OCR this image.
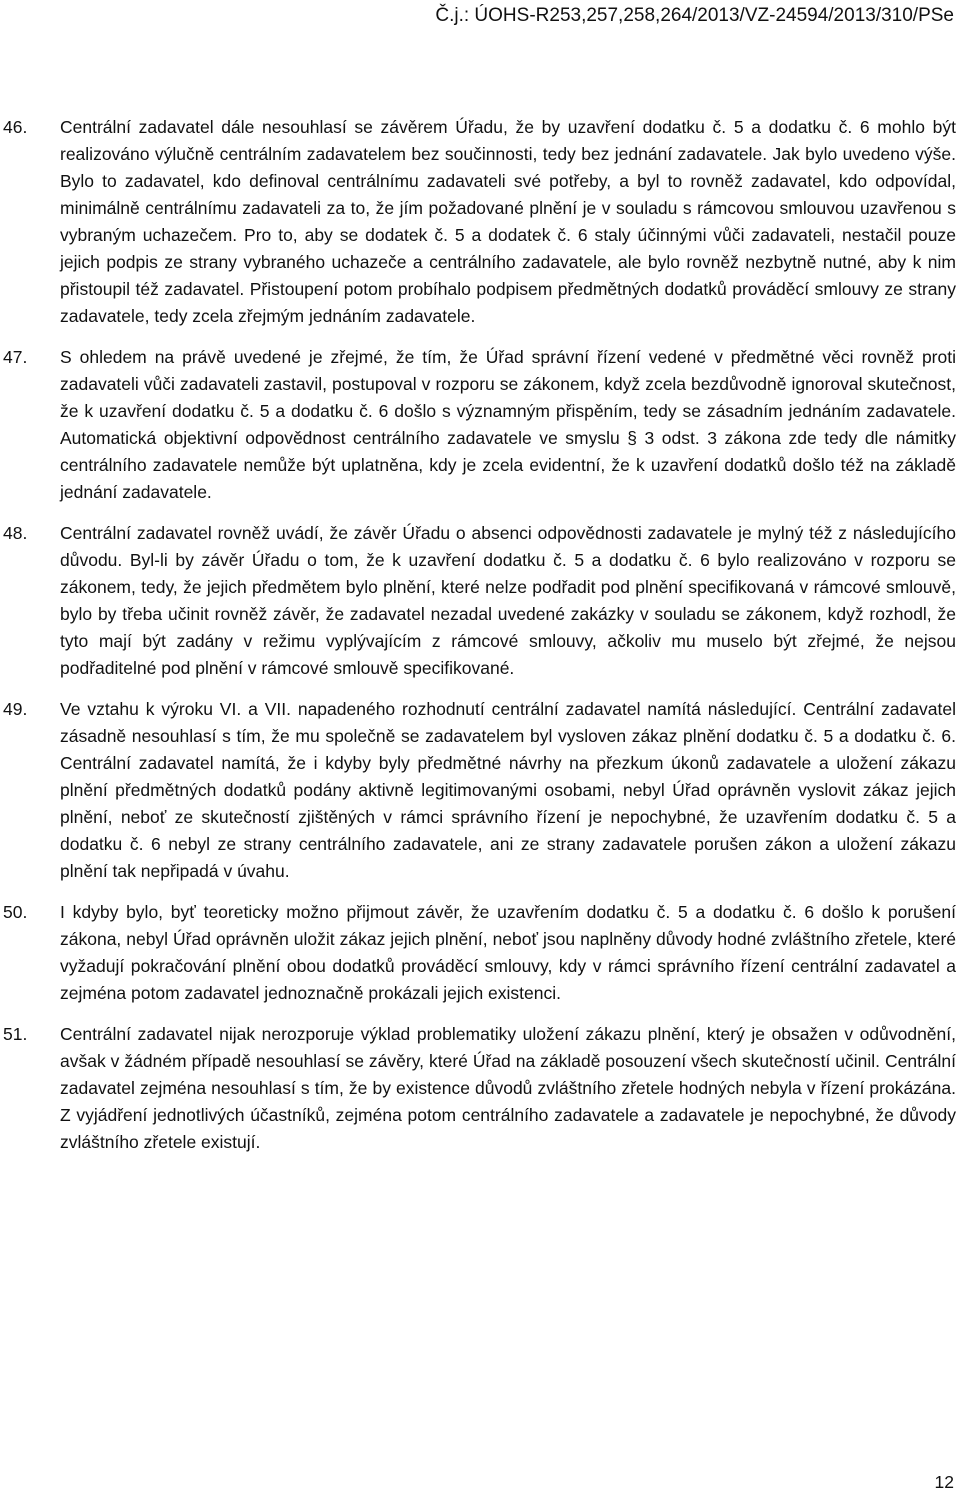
Č.j.: ÚOHS-R253,257,258,264/2013/VZ-24594/2013/310/PSe
46. Centrální zadavatel dále nesouhlasí se závěrem Úřadu, že by uzavření dodatku č. 5 a dodatku č. 6 mohlo být realizováno výlučně centrálním zadavatelem bez součinnosti, tedy bez jednání zadavatele. Jak bylo uvedeno výše. Bylo to zadavatel, kdo definoval centrálnímu zadavateli své potřeby, a byl to rovněž zadavatel, kdo odpovídal, minimálně centrálnímu zadavateli za to, že jím požadované plnění je v souladu s rámcovou smlouvou uzavřenou s vybraným uchazečem. Pro to, aby se dodatek č. 5 a dodatek č. 6 staly účinnými vůči zadavateli, nestačil pouze jejich podpis ze strany vybraného uchazeče a centrálního zadavatele, ale bylo rovněž nezbytně nutné, aby k nim přistoupil též zadavatel. Přistoupení potom probíhalo podpisem předmětných dodatků prováděcí smlouvy ze strany zadavatele, tedy zcela zřejmým jednáním zadavatele.
47. S ohledem na právě uvedené je zřejmé, že tím, že Úřad správní řízení vedené v předmětné věci rovněž proti zadavateli vůči zadavateli zastavil, postupoval v rozporu se zákonem, když zcela bezdůvodně ignoroval skutečnost, že k uzavření dodatku č. 5 a dodatku č. 6 došlo s významným přispěním, tedy se zásadním jednáním zadavatele. Automatická objektivní odpovědnost centrálního zadavatele ve smyslu § 3 odst. 3 zákona zde tedy dle námitky centrálního zadavatele nemůže být uplatněna, kdy je zcela evidentní, že k uzavření dodatků došlo též na základě jednání zadavatele.
48. Centrální zadavatel rovněž uvádí, že závěr Úřadu o absenci odpovědnosti zadavatele je mylný též z následujícího důvodu. Byl-li by závěr Úřadu o tom, že k uzavření dodatku č. 5 a dodatku č. 6 bylo realizováno v rozporu se zákonem, tedy, že jejich předmětem bylo plnění, které nelze podřadit pod plnění specifikovaná v rámcové smlouvě, bylo by třeba učinit rovněž závěr, že zadavatel nezadal uvedené zakázky v souladu se zákonem, když rozhodl, že tyto mají být zadány v režimu vyplývajícím z rámcové smlouvy, ačkoliv mu muselo být zřejmé, že nejsou podřaditelné pod plnění v rámcové smlouvě specifikované.
49. Ve vztahu k výroku VI. a VII. napadeného rozhodnutí centrální zadavatel namítá následující. Centrální zadavatel zásadně nesouhlasí s tím, že mu společně se zadavatelem byl vysloven zákaz plnění dodatku č. 5 a dodatku č. 6. Centrální zadavatel namítá, že i kdyby byly předmětné návrhy na přezkum úkonů zadavatele a uložení zákazu plnění předmětných dodatků podány aktivně legitimovanými osobami, nebyl Úřad oprávněn vyslovit zákaz jejich plnění, neboť ze skutečností zjištěných v rámci správního řízení je nepochybné, že uzavřením dodatku č. 5 a dodatku č. 6 nebyl ze strany centrálního zadavatele, ani ze strany zadavatele porušen zákon a uložení zákazu plnění tak nepřipadá v úvahu.
50. I kdyby bylo, byť teoreticky možno přijmout závěr, že uzavřením dodatku č. 5 a dodatku č. 6 došlo k porušení zákona, nebyl Úřad oprávněn uložit zákaz jejich plnění, neboť jsou naplněny důvody hodné zvláštního zřetele, které vyžadují pokračování plnění obou dodatků prováděcí smlouvy, kdy v rámci správního řízení centrální zadavatel a zejména potom zadavatel jednoznačně prokázali jejich existenci.
51. Centrální zadavatel nijak nerozporuje výklad problematiky uložení zákazu plnění, který je obsažen v odůvodnění, avšak v žádném případě nesouhlasí se závěry, které Úřad na základě posouzení všech skutečností učinil. Centrální zadavatel zejména nesouhlasí s tím, že by existence důvodů zvláštního zřetele hodných nebyla v řízení prokázána. Z vyjádření jednotlivých účastníků, zejména potom centrálního zadavatele a zadavatele je nepochybné, že důvody zvláštního zřetele existují.
12
